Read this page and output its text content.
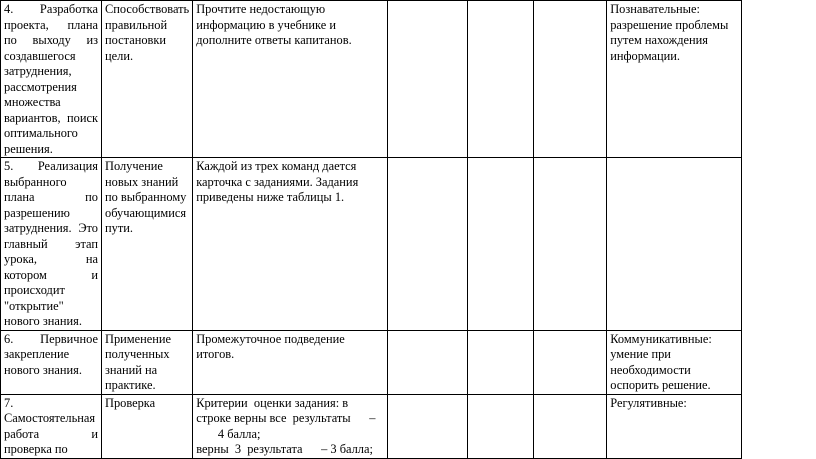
4. Разработка проекта, плана по выходу из создавшегося затруднения, рассмотрения множества вариантов, поиск оптимального решения.	Способствовать правильной постановки цели.	Прочтите недостающую информацию в учебнике и дополните ответы капитанов.				Познавательные: разрешение проблемы путем нахождения информации.
5. Реализация выбранного плана по разрешению затруднения. Это главный этап урока, на котором и происходит "открытие" нового знания.	Получение новых знаний по выбранному обучающимися пути.	Каждой из трех команд дается карточка с заданиями. Задания приведены ниже таблицы 1.				
6. Первичное закрепление нового знания.	Применение полученных знаний на практике.	Промежуточное подведение итогов.				Коммуникативные: умение при необходимости оспорить решение.
7. Самостоятельная работа и проверка по	Проверка	Критерии  оценки задания: в строке верны все  результаты      –
4 балла;
верны  3  результата      – 3 балла;				Регулятивные:
